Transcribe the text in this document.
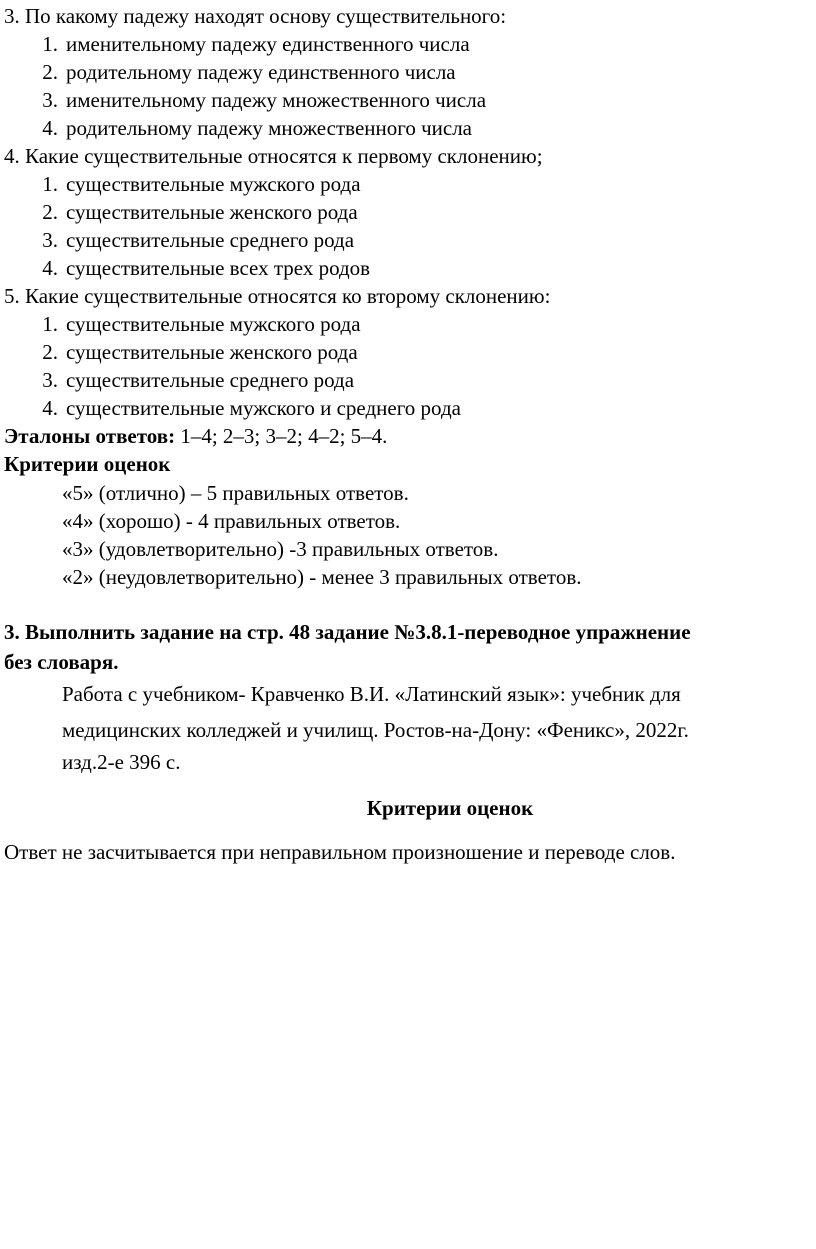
3. По какому падежу находят основу существительного:
1. именительному падежу единственного числа
2. родительному падежу единственного числа
3. именительному падежу множественного числа
4. родительному падежу множественного числа
4. Какие существительные относятся к первому склонению;
1. существительные мужского рода
2. существительные женского рода
3. существительные среднего рода
4. существительные всех трех родов
5. Какие существительные относятся ко второму склонению:
1. существительные мужского рода
2. существительные женского рода
3. существительные среднего рода
4. существительные мужского и среднего рода
Эталоны ответов: 1–4; 2–3; 3–2; 4–2; 5–4.
Критерии оценок
«5» (отлично) – 5 правильных ответов.
«4» (хорошо) - 4 правильных ответов.
«3» (удовлетворительно) -3 правильных ответов.
«2» (неудовлетворительно) - менее 3 правильных ответов.
3. Выполнить задание на стр. 48 задание №3.8.1-переводное упражнение
без словаря.
Работа с учебником- Кравченко В.И. «Латинский язык»: учебник для
медицинских колледжей и училищ. Ростов-на-Дону: «Феникс», 2022г.
изд.2-е 396 с.
Критерии оценок
Ответ не засчитывается при неправильном произношение и переводе слов.
